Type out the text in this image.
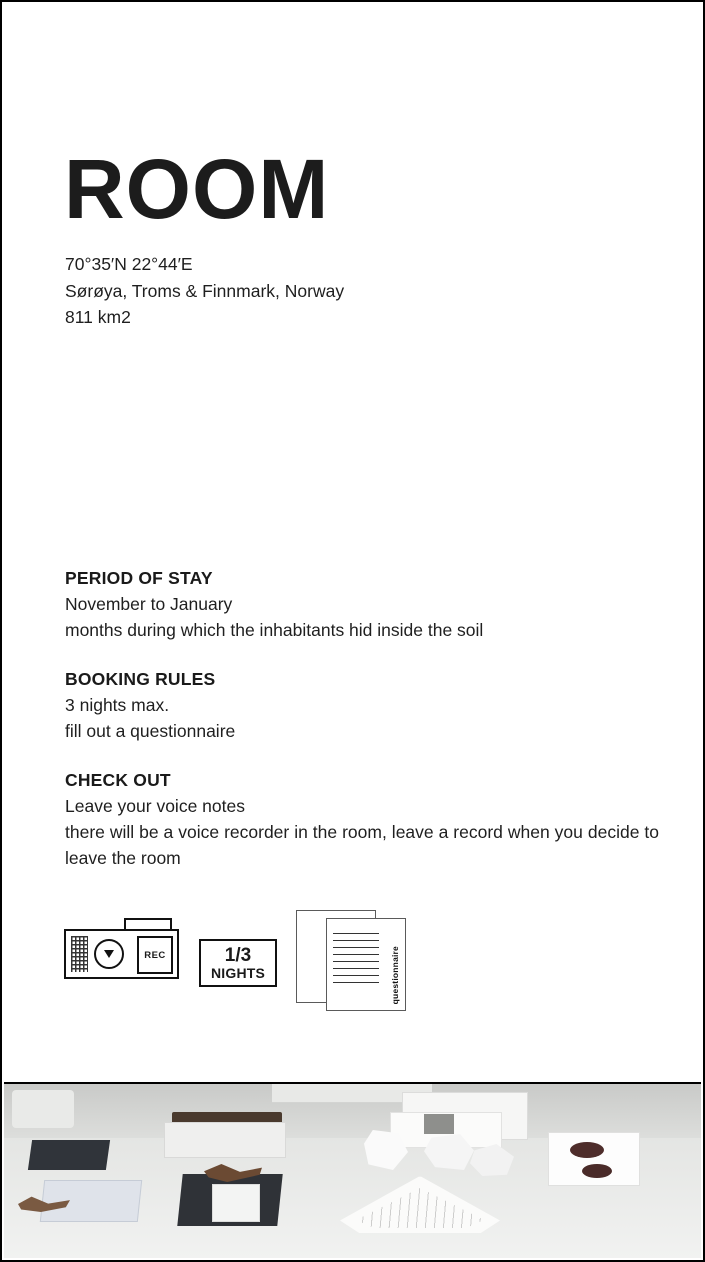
ROOM
70°35′N 22°44′E
Sørøya, Troms & Finnmark, Norway
811 km2
PERIOD OF STAY
November to January
months during which the inhabitants hid inside the soil
BOOKING RULES
3 nights max.
fill out a questionnaire
CHECK OUT
Leave your voice notes
there will be a voice recorder in the room, leave a record when you decide to leave the room
REC	1/3
NIGHTS	questionnaire
